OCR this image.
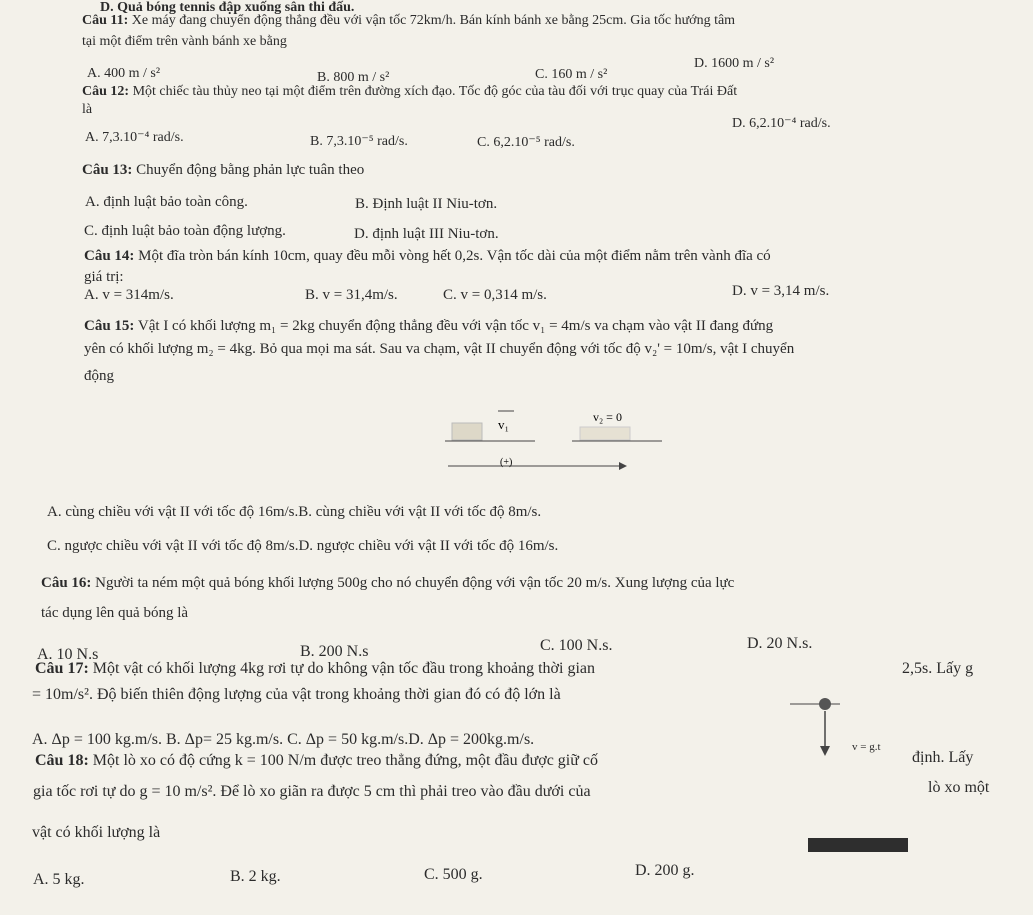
D. Quả bóng tennis đập xuống sân thi đấu.
Câu 11: Xe máy đang chuyển động thẳng đều với vận tốc 72km/h. Bán kính bánh xe bằng 25cm. Gia tốc hướng tâm
tại một điểm trên vành bánh xe bằng
A. 400 m / s²	B. 800 m / s²	C. 160 m / s²
D. 1600 m / s²
Câu 12: Một chiếc tàu thủy neo tại một điểm trên đường xích đạo. Tốc độ góc của tàu đối với trục quay của Trái Đất
là
A. 7,3.10⁻⁴ rad/s.	B. 7,3.10⁻⁵ rad/s.	C. 6,2.10⁻⁵ rad/s.
D. 6,2.10⁻⁴ rad/s.
Câu 13: Chuyển động bằng phản lực tuân theo
A. định luật bảo toàn công.	B. Định luật II Niu-tơn.
C. định luật bảo toàn động lượng.	D. định luật III Niu-tơn.
Câu 14: Một đĩa tròn bán kính 10cm, quay đều mỗi vòng hết 0,2s. Vận tốc dài của một điểm nằm trên vành đĩa có
giá trị:
A. v = 314m/s.	B. v = 31,4m/s.	C. v = 0,314 m/s.	D. v = 3,14 m/s.
Câu 15: Vật I có khối lượng m₁ = 2kg chuyển động thẳng đều với vận tốc v₁ = 4m/s va chạm vào vật II đang đứng
yên có khối lượng m₂ = 4kg. Bỏ qua mọi ma sát. Sau va chạm, vật II chuyển động với tốc độ v₂' = 10m/s, vật I chuyển
động
v₁	v₂ = 0
(+)
A. cùng chiều với vật II với tốc độ 16m/s.B. cùng chiều với vật II với tốc độ 8m/s.
C. ngược chiều với vật II với tốc độ 8m/s.D. ngược chiều với vật II với tốc độ 16m/s.
Câu 16: Người ta ném một quả bóng khối lượng 500g cho nó chuyển động với vận tốc 20 m/s. Xung lượng của lực
tác dụng lên quả bóng là
A. 10 N.s	B. 200 N.s	C. 100 N.s.	D. 20 N.s.
Câu 17: Một vật có khối lượng 4kg rơi tự do không vận tốc đầu trong khoảng thời gian	2,5s. Lấy g
= 10m/s². Độ biến thiên động lượng của vật trong khoảng thời gian đó có độ lớn là
A. Δp = 100 kg.m/s. B. Δp= 25 kg.m/s. C. Δp = 50 kg.m/s.D. Δp = 200kg.m/s.	v = g.t
Câu 18: Một lò xo có độ cứng k = 100 N/m được treo thẳng đứng, một đầu được giữ cố	định. Lấy
gia tốc rơi tự do g = 10 m/s². Để lò xo giãn ra được 5 cm thì phải treo vào đầu dưới của	lò xo một
vật có khối lượng là
A. 5 kg.	B. 2 kg.	C. 500 g.	D. 200 g.
